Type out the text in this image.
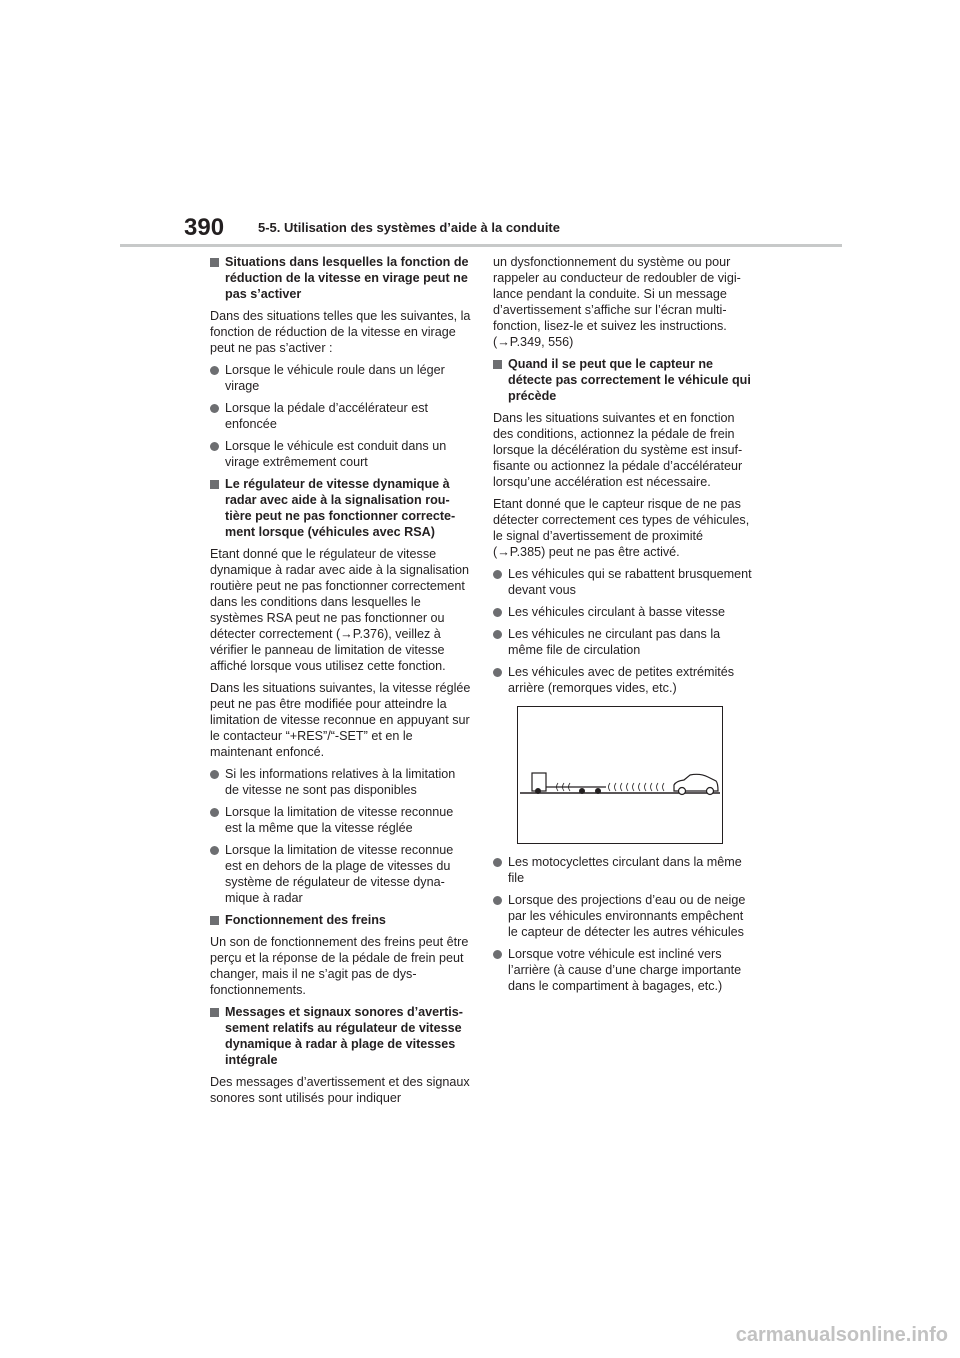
390	5-5. Utilisation des systèmes d’aide à la conduite
Situations dans lesquelles la fonction de réduction de la vitesse en virage peut ne pas s’activer
Dans des situations telles que les suivantes, la fonction de réduction de la vitesse en virage peut ne pas s’activer :
Lorsque le véhicule roule dans un léger virage
Lorsque la pédale d’accélérateur est enfoncée
Lorsque le véhicule est conduit dans un virage extrêmement court
Le régulateur de vitesse dynamique à radar avec aide à la signalisation routière peut ne pas fonctionner correctement lorsque (véhicules avec RSA)
Etant donné que le régulateur de vitesse dynamique à radar avec aide à la signalisation routière peut ne pas fonctionner correctement dans les conditions dans lesquelles le systèmes RSA peut ne pas fonctionner ou détecter correctement (→P.376), veillez à vérifier le panneau de limitation de vitesse affiché lorsque vous utilisez cette fonction.
Dans les situations suivantes, la vitesse réglée peut ne pas être modifiée pour atteindre la limitation de vitesse reconnue en appuyant sur le contacteur “+RES”/“-SET” et en le maintenant enfoncé.
Si les informations relatives à la limitation de vitesse ne sont pas disponibles
Lorsque la limitation de vitesse reconnue est la même que la vitesse réglée
Lorsque la limitation de vitesse reconnue est en dehors de la plage de vitesses du système de régulateur de vitesse dynamique à radar
Fonctionnement des freins
Un son de fonctionnement des freins peut être perçu et la réponse de la pédale de frein peut changer, mais il ne s’agit pas de dysfonctionnements.
Messages et signaux sonores d’avertissement relatifs au régulateur de vitesse dynamique à radar à plage de vitesses intégrale
Des messages d’avertissement et des signaux sonores sont utilisés pour indiquer
un dysfonctionnement du système ou pour rappeler au conducteur de redoubler de vigilance pendant la conduite. Si un message d’avertissement s’affiche sur l’écran multifonction, lisez-le et suivez les instructions. (→P.349, 556)
Quand il se peut que le capteur ne détecte pas correctement le véhicule qui précède
Dans les situations suivantes et en fonction des conditions, actionnez la pédale de frein lorsque la décélération du système est insuffisante ou actionnez la pédale d’accélérateur lorsqu’une accélération est nécessaire.
Etant donné que le capteur risque de ne pas détecter correctement ces types de véhicules, le signal d’avertissement de proximité (→P.385) peut ne pas être activé.
Les véhicules qui se rabattent brusquement devant vous
Les véhicules circulant à basse vitesse
Les véhicules ne circulant pas dans la même file de circulation
Les véhicules avec de petites extrémités arrière (remorques vides, etc.)
Les motocyclettes circulant dans la même file
Lorsque des projections d’eau ou de neige par les véhicules environnants empêchent le capteur de détecter les autres véhicules
Lorsque votre véhicule est incliné vers l’arrière (à cause d’une charge importante dans le compartiment à bagages, etc.)
carmanualsonline.info
